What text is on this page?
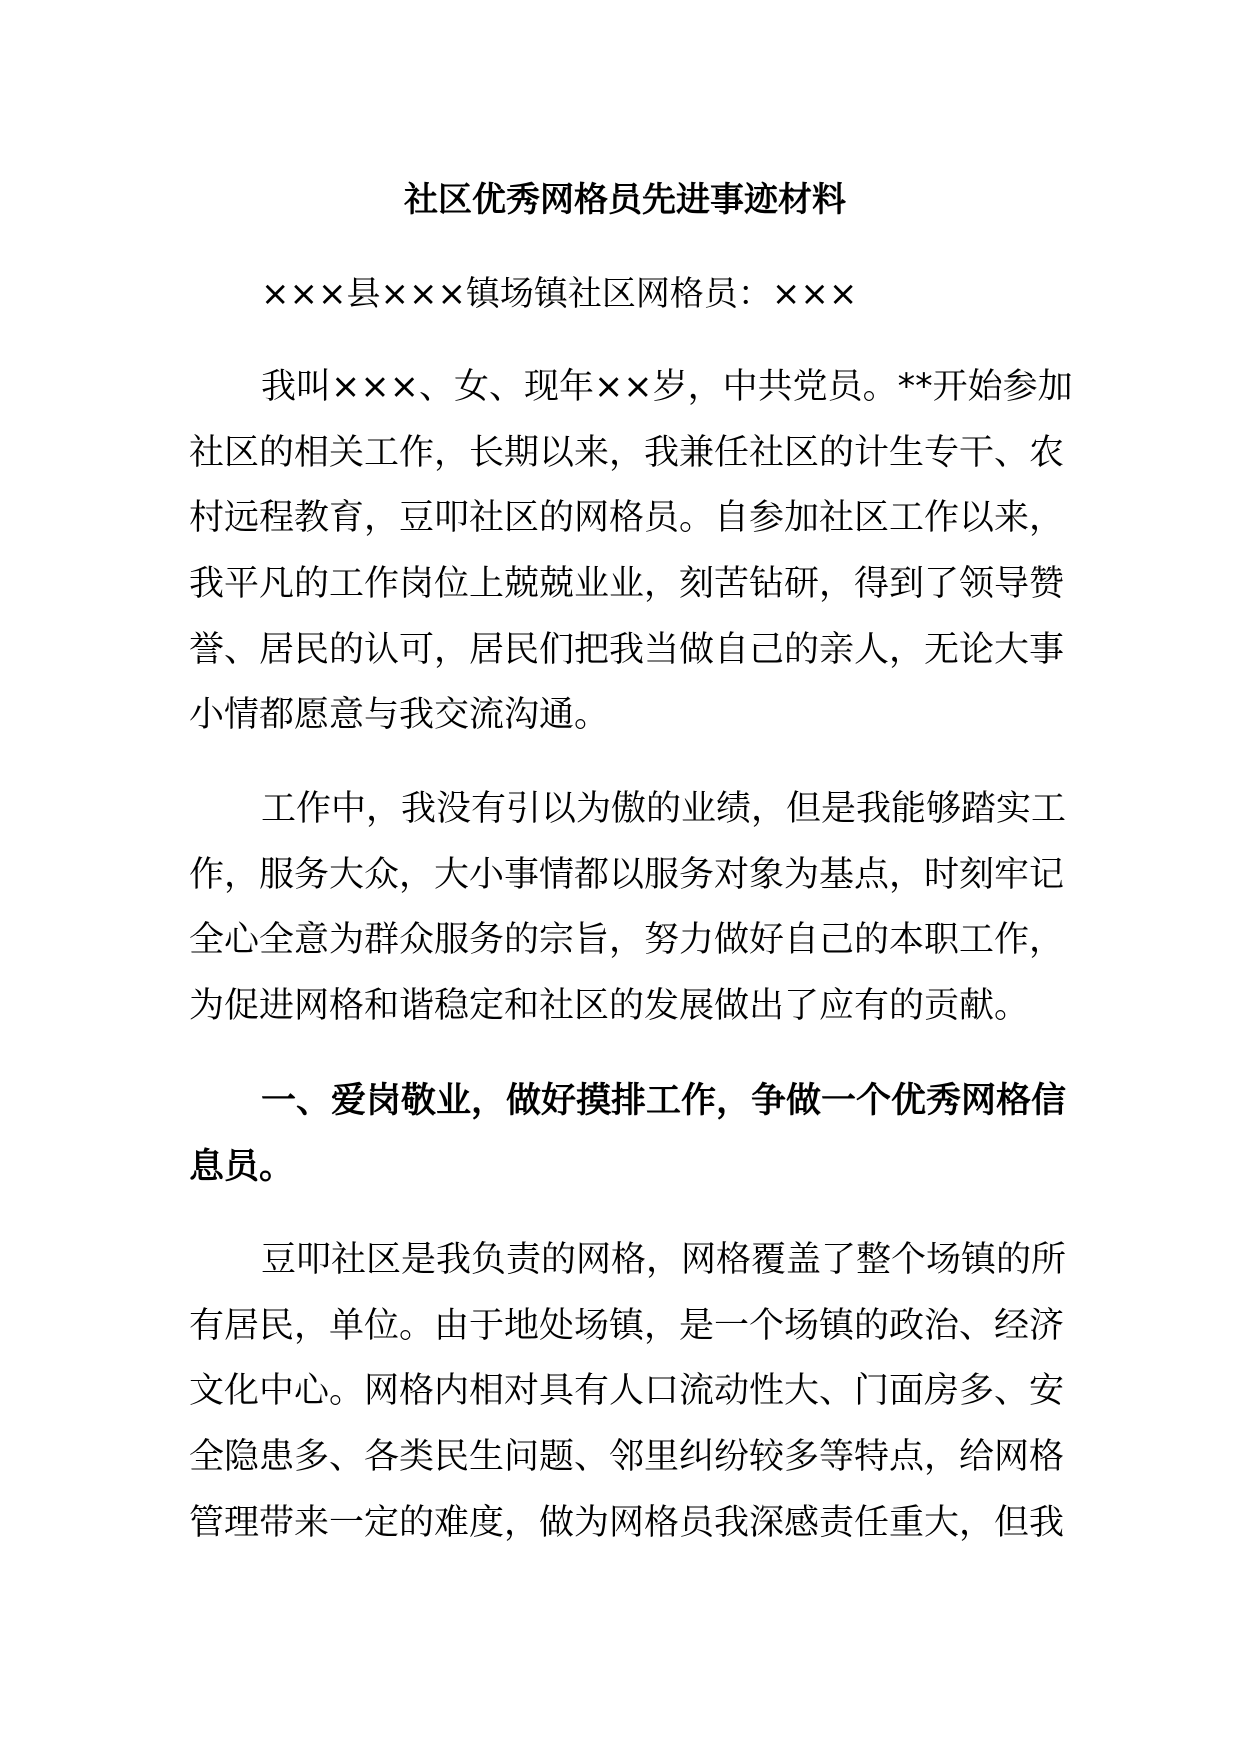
社区优秀网格员先进事迹材料
×××县×××镇场镇社区网格员：×××
我叫×××、女、现年××岁，中共党员。**开始参加
社区的相关工作，长期以来，我兼任社区的计生专干、农
村远程教育，豆叩社区的网格员。自参加社区工作以来，
我平凡的工作岗位上兢兢业业，刻苦钻研，得到了领导赞
誉、居民的认可，居民们把我当做自己的亲人，无论大事
小情都愿意与我交流沟通。
工作中，我没有引以为傲的业绩，但是我能够踏实工
作，服务大众，大小事情都以服务对象为基点，时刻牢记
全心全意为群众服务的宗旨，努力做好自己的本职工作，
为促进网格和谐稳定和社区的发展做出了应有的贡献。
一、爱岗敬业，做好摸排工作，争做一个优秀网格信
息员。
豆叩社区是我负责的网格，网格覆盖了整个场镇的所
有居民，单位。由于地处场镇，是一个场镇的政治、经济
文化中心。网格内相对具有人口流动性大、门面房多、安
全隐患多、各类民生问题、邻里纠纷较多等特点，给网格
管理带来一定的难度，做为网格员我深感责任重大，但我
